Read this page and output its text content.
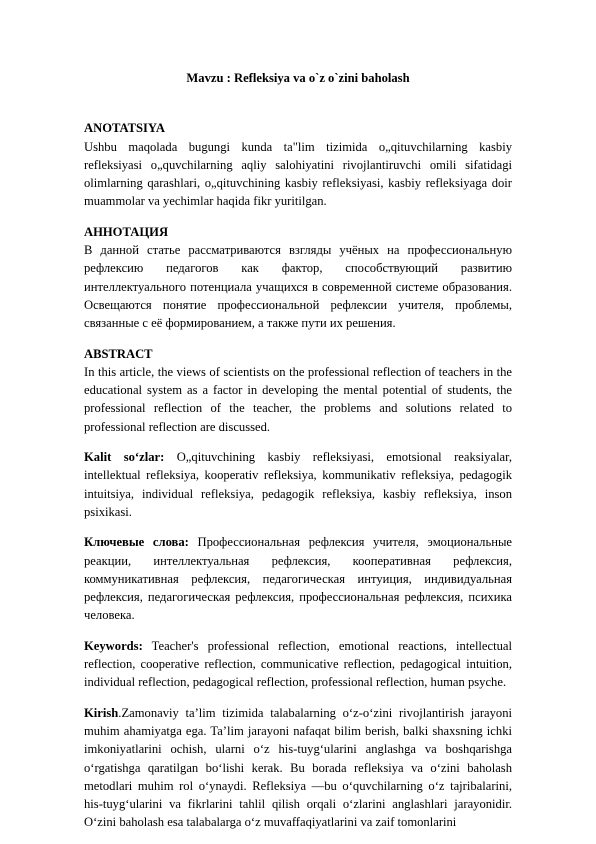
Mavzu : Refleksiya va o`z o`zini baholash

ANOTATSIYA
Ushbu maqolada bugungi kunda ta"lim tizimida o„qituvchilarning kasbiy refleksiyasi o„quvchilarning aqliy salohiyatini rivojlantiruvchi omili sifatidagi olimlarning qarashlari, o„qituvchining kasbiy refleksiyasi, kasbiy refleksiyaga doir muammolar va yechimlar haqida fikr yuritilgan.
АННОТАЦИЯ
В данной статье рассматриваются взгляды учёных на профессиональную рефлексию педагогов как фактор, способствующий развитию интеллектуального потенциала учащихся в современной системе образования. Освещаются понятие профессиональной рефлексии учителя, проблемы, связанные с её формированием, а также пути их решения.
ABSTRACT
In this article, the views of scientists on the professional reflection of teachers in the educational system as a factor in developing the mental potential of students, the professional reflection of the teacher, the problems and solutions related to professional reflection are discussed.

Kalit so‘zlar: O„qituvchining kasbiy refleksiyasi, emotsional reaksiyalar, intellektual refleksiya, kooperativ refleksiya, kommunikativ refleksiya, pedagogik intuitsiya, individual refleksiya, pedagogik refleksiya, kasbiy refleksiya, inson psixikasi.

Ключевые слова: Профессиональная рефлексия учителя, эмоциональные реакции, интеллектуальная рефлексия, кооперативная рефлексия, коммуникативная рефлексия, педагогическая интуиция, индивидуальная рефлексия, педагогическая рефлексия, профессиональная рефлексия, психика человека.

Keywords: Teacher's professional reflection, emotional reactions, intellectual reflection, cooperative reflection, communicative reflection, pedagogical intuition, individual reflection, pedagogical reflection, professional reflection, human psyche.

Kirish.Zamonaviy ta’lim tizimida talabalarning o‘z-o‘zini rivojlantirish jarayoni muhim ahamiyatga ega. Ta’lim jarayoni nafaqat bilim berish, balki shaxsning ichki imkoniyatlarini ochish, ularni o‘z his-tuyg‘ularini anglashga va boshqarishga o‘rgatishga qaratilgan bo‘lishi kerak. Bu borada refleksiya va o‘zini baholash metodlari muhim rol o‘ynaydi. Refleksiya —bu o‘quvchilarning o‘z tajribalarini, his-tuyg‘ularini va fikrlarini tahlil qilish orqali o‘zlarini anglashlari jarayonidir. O‘zini baholash esa talabalarga o‘z muvaffaqiyatlarini va zaif tomonlarini
